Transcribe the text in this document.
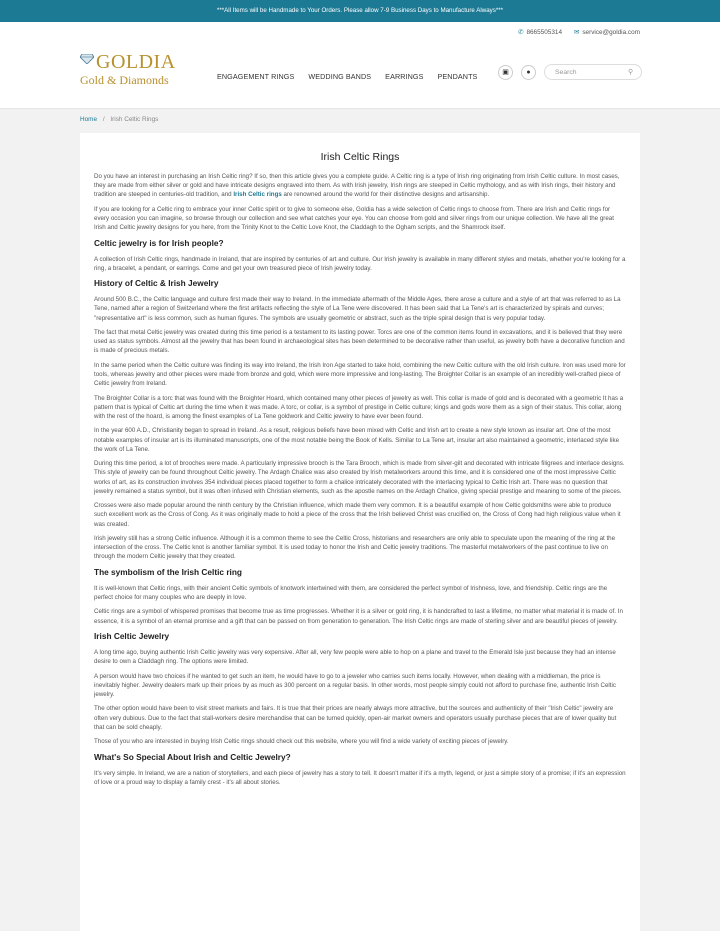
***All Items will be Handmade to Your Orders. Please allow 7-9 Business Days to Manufacture Always***
✆ 8665505314 ✉ service@goldia.com
GOLDIA
Gold & Diamonds	ENGAGEMENT RINGS WEDDING BANDS EARRINGS PENDANTS	▣	●
Search	⚲
Home / Irish Celtic Rings
Irish Celtic Rings

Do you have an interest in purchasing an Irish Celtic ring? If so, then this article gives you a complete guide. A Celtic ring is a type of Irish ring originating from Irish Celtic culture. In most cases, they are made from either silver or gold and have intricate designs engraved into them. As with Irish jewelry, Irish rings are steeped in Celtic mythology, and as with Irish rings, their history and tradition are steeped in centuries-old tradition, and Irish Celtic rings are renowned around the world for their distinctive designs and artisanship.

If you are looking for a Celtic ring to embrace your inner Celtic spirit or to give to someone else, Goldia has a wide selection of Celtic rings to choose from. There are Irish and Celtic rings for every occasion you can imagine, so browse through our collection and see what catches your eye. You can choose from gold and silver rings from our unique collection. We have all the great Irish and Celtic jewelry designs for you here, from the Trinity Knot to the Celtic Love Knot, the Claddagh to the Ogham scripts, and the Shamrock itself.

Celtic jewelry is for Irish people?

A collection of Irish Celtic rings, handmade in Ireland, that are inspired by centuries of art and culture. Our Irish jewelry is available in many different styles and metals, whether you're looking for a ring, a bracelet, a pendant, or earrings. Come and get your own treasured piece of Irish jewelry today.

History of Celtic & Irish Jewelry

Around 500 B.C., the Celtic language and culture first made their way to Ireland. In the immediate aftermath of the Middle Ages, there arose a culture and a style of art that was referred to as La Tene, named after a region of Switzerland where the first artifacts reflecting the style of La Tene were discovered. It has been said that La Tene's art is characterized by spirals and curves; "representative art" is less common, such as human figures. The symbols are usually geometric or abstract, such as the triple spiral design that is very popular today.

The fact that metal Celtic jewelry was created during this time period is a testament to its lasting power. Torcs are one of the common items found in excavations, and it is believed that they were used as status symbols. Almost all the jewelry that has been found in archaeological sites has been determined to be decorative rather than useful, as jewelry both have a decorative function and is made of precious metals.

In the same period when the Celtic culture was finding its way into Ireland, the Irish Iron Age started to take hold, combining the new Celtic culture with the old Irish culture. Iron was used more for tools, whereas jewelry and other pieces were made from bronze and gold, which were more impressive and long-lasting. The Broighter Collar is an example of an incredibly well-crafted piece of Celtic jewelry from Ireland.

The Broighter Collar is a torc that was found with the Broighter Hoard, which contained many other pieces of jewelry as well. This collar is made of gold and is decorated with a geometric It has a pattern that is typical of Celtic art during the time when it was made. A torc, or collar, is a symbol of prestige in Celtic culture; kings and gods wore them as a sign of their status. This collar, along with the rest of the hoard, is among the finest examples of La Tene goldwork and Celtic jewelry to have ever been found.

In the year 600 A.D., Christianity began to spread in Ireland. As a result, religious beliefs have been mixed with Celtic and Irish art to create a new style known as insular art. One of the most notable examples of insular art is its illuminated manuscripts, one of the most notable being the Book of Kells. Similar to La Tene art, insular art also maintained a geometric, interlaced style like the work of La Tene.

During this time period, a lot of brooches were made. A particularly impressive brooch is the Tara Brooch, which is made from silver-gilt and decorated with intricate filigrees and interlace designs. This style of jewelry can be found throughout Celtic jewelry. The Ardagh Chalice was also created by Irish metalworkers around this time, and it is considered one of the most impressive Celtic works of art, as its construction involves 354 individual pieces placed together to form a chalice intricately decorated with the interlacing typical to Celtic Irish art. There was no question that jewelry remained a status symbol, but it was often infused with Christian elements, such as the apostle names on the Ardagh Chalice, giving special prestige and meaning to some of the pieces.

Crosses were also made popular around the ninth century by the Christian influence, which made them very common. It is a beautiful example of how Celtic goldsmiths were able to produce such excellent work as the Cross of Cong. As it was originally made to hold a piece of the cross that the Irish believed Christ was crucified on, the Cross of Cong had high religious value when it was created.

Irish jewelry still has a strong Celtic influence. Although it is a common theme to see the Celtic Cross, historians and researchers are only able to speculate upon the meaning of the ring at the intersection of the cross. The Celtic knot is another familiar symbol. It is used today to honor the Irish and Celtic jewelry traditions. The masterful metalworkers of the past continue to live on through the modern Celtic jewelry that they created.

The symbolism of the Irish Celtic ring

It is well-known that Celtic rings, with their ancient Celtic symbols of knotwork intertwined with them, are considered the perfect symbol of Irishness, love, and friendship. Celtic rings are the perfect choice for many couples who are deeply in love.

Celtic rings are a symbol of whispered promises that become true as time progresses. Whether it is a silver or gold ring, it is handcrafted to last a lifetime, no matter what material it is made of. In essence, it is a symbol of an eternal promise and a gift that can be passed on from generation to generation. The Irish Celtic rings are made of sterling silver and are beautiful pieces of jewelry.

Irish Celtic Jewelry

A long time ago, buying authentic Irish Celtic jewelry was very expensive. After all, very few people were able to hop on a plane and travel to the Emerald Isle just because they had an intense desire to own a Claddagh ring. The options were limited.

A person would have two choices if he wanted to get such an item, he would have to go to a jeweler who carries such items locally. However, when dealing with a middleman, the price is inevitably higher. Jewelry dealers mark up their prices by as much as 300 percent on a regular basis. In other words, most people simply could not afford to purchase fine, authentic Irish Celtic jewelry.

The other option would have been to visit street markets and fairs. It is true that their prices are nearly always more attractive, but the sources and authenticity of their "Irish Celtic" jewelry are often very dubious. Due to the fact that stall-workers desire merchandise that can be turned quickly, open-air market owners and operators usually purchase pieces that are of lower quality but that can be sold cheaply.

Those of you who are interested in buying Irish Celtic rings should check out this website, where you will find a wide variety of exciting pieces of jewelry.

What's So Special About Irish and Celtic Jewelry?

It's very simple. In Ireland, we are a nation of storytellers, and each piece of jewelry has a story to tell. It doesn't matter if it's a myth, legend, or just a simple story of a promise; if it's an expression of love or a proud way to display a family crest - it's all about stories.
